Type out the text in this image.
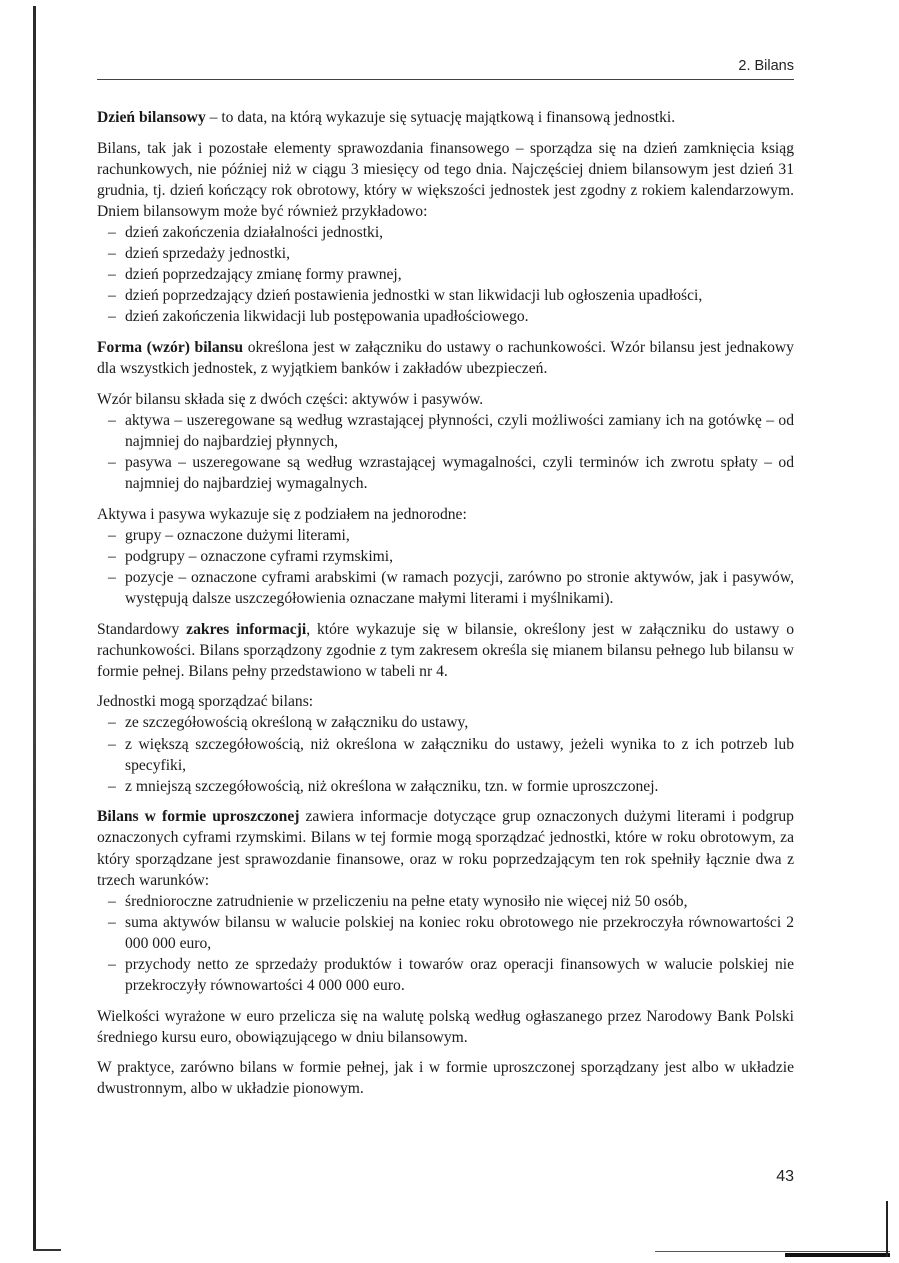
2. Bilans

Dzień bilansowy – to data, na którą wykazuje się sytuację majątkową i finansową jednostki.

Bilans, tak jak i pozostałe elementy sprawozdania finansowego – sporządza się na dzień zamknięcia ksiąg rachunkowych, nie później niż w ciągu 3 miesięcy od tego dnia. Najczęściej dniem bilansowym jest dzień 31 grudnia, tj. dzień kończący rok obrotowy, który w większości jednostek jest zgodny z rokiem kalendarzowym. Dniem bilansowym może być również przykładowo:

– dzień zakończenia działalności jednostki,
– dzień sprzedaży jednostki,
– dzień poprzedzający zmianę formy prawnej,
– dzień poprzedzający dzień postawienia jednostki w stan likwidacji lub ogłoszenia upadłości,
– dzień zakończenia likwidacji lub postępowania upadłościowego.

Forma (wzór) bilansu określona jest w załączniku do ustawy o rachunkowości. Wzór bilansu jest jednakowy dla wszystkich jednostek, z wyjątkiem banków i zakładów ubezpieczeń.

Wzór bilansu składa się z dwóch części: aktywów i pasywów.

– aktywa – uszeregowane są według wzrastającej płynności, czyli możliwości zamiany ich na gotówkę – od najmniej do najbardziej płynnych,
– pasywa – uszeregowane są według wzrastającej wymagalności, czyli terminów ich zwrotu spłaty – od najmniej do najbardziej wymagalnych.

Aktywa i pasywa wykazuje się z podziałem na jednorodne:

– grupy – oznaczone dużymi literami,
– podgrupy – oznaczone cyframi rzymskimi,
– pozycje – oznaczone cyframi arabskimi (w ramach pozycji, zarówno po stronie aktywów, jak i pasywów, występują dalsze uszczegółowienia oznaczane małymi literami i myślnikami).

Standardowy zakres informacji, które wykazuje się w bilansie, określony jest w załączniku do ustawy o rachunkowości. Bilans sporządzony zgodnie z tym zakresem określa się mianem bilansu pełnego lub bilansu w formie pełnej. Bilans pełny przedstawiono w tabeli nr 4.

Jednostki mogą sporządzać bilans:

– ze szczegółowością określoną w załączniku do ustawy,
– z większą szczegółowością, niż określona w załączniku do ustawy, jeżeli wynika to z ich potrzeb lub specyfiki,
– z mniejszą szczegółowością, niż określona w załączniku, tzn. w formie uproszczonej.

Bilans w formie uproszczonej zawiera informacje dotyczące grup oznaczonych dużymi literami i podgrup oznaczonych cyframi rzymskimi. Bilans w tej formie mogą sporządzać jednostki, które w roku obrotowym, za który sporządzane jest sprawozdanie finansowe, oraz w roku poprzedzającym ten rok spełniły łącznie dwa z trzech warunków:

– średnioroczne zatrudnienie w przeliczeniu na pełne etaty wynosiło nie więcej niż 50 osób,
– suma aktywów bilansu w walucie polskiej na koniec roku obrotowego nie przekroczyła równowartości 2 000 000 euro,
– przychody netto ze sprzedaży produktów i towarów oraz operacji finansowych w walucie polskiej nie przekroczyły równowartości 4 000 000 euro.

Wielkości wyrażone w euro przelicza się na walutę polską według ogłaszanego przez Narodowy Bank Polski średniego kursu euro, obowiązującego w dniu bilansowym.

W praktyce, zarówno bilans w formie pełnej, jak i w formie uproszczonej sporządzany jest albo w układzie dwustronnym, albo w układzie pionowym.

43
